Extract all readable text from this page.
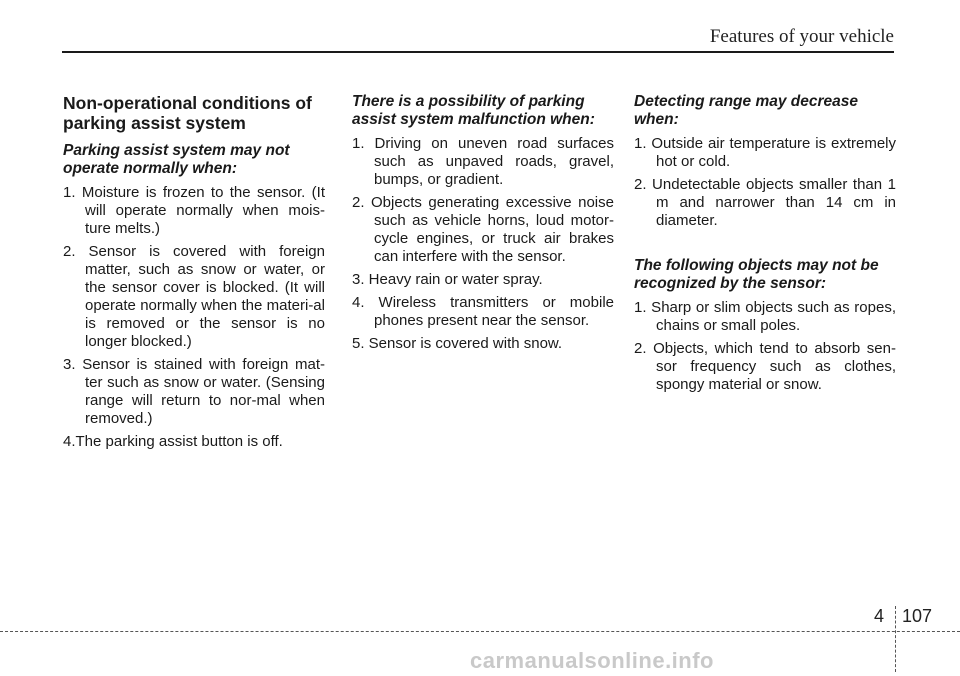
Features of your vehicle
Non-operational conditions of parking assist system
Parking assist system may not operate normally when:
1. Moisture is frozen to the sensor. (It will operate normally when mois-ture melts.)
2. Sensor is covered with foreign matter, such as snow or water, or the sensor cover is blocked. (It will operate normally when the materi-al is removed or the sensor is no longer blocked.)
3. Sensor is stained with foreign mat-ter such as snow or water. (Sensing range will return to nor-mal when removed.)
4.The parking assist button is off.
There is a possibility of parking assist system malfunction when:
1. Driving on uneven road surfaces such as unpaved roads, gravel, bumps, or gradient.
2. Objects generating excessive noise such as vehicle horns, loud motor-cycle engines, or truck air brakes can interfere with the sensor.
3. Heavy rain or water spray.
4. Wireless transmitters or mobile phones present near the sensor.
5. Sensor is covered with snow.
Detecting range may decrease when:
1. Outside air temperature is extremely hot or cold.
2. Undetectable objects smaller than 1 m and narrower than 14 cm in diameter.
The following objects may not be recognized by the sensor:
1. Sharp or slim objects such as ropes, chains or small poles.
2. Objects, which tend to absorb sen-sor frequency such as clothes, spongy material or snow.
4 107
carmanualsonline.info
